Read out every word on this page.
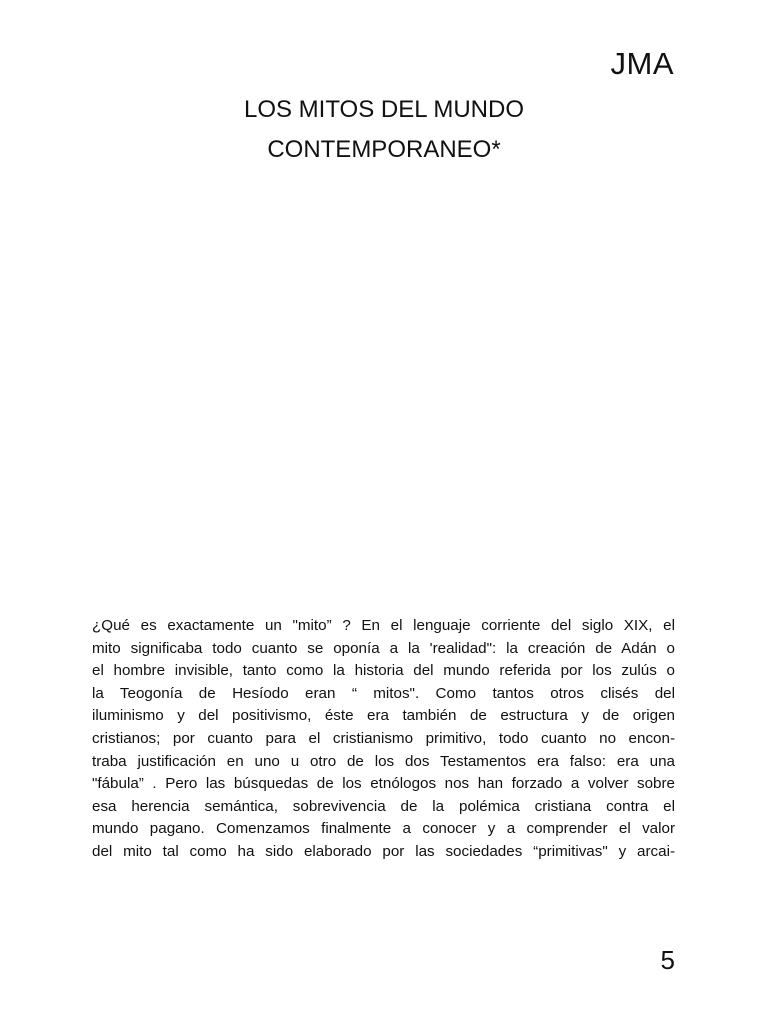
JMA
LOS MITOS DEL MUNDO
CONTEMPORANEO*
¿Qué es exactamente un "mito” ? En el lenguaje corriente del siglo XIX, el
mito significaba todo cuanto se oponía a la 'realidad": la creación de Adán o
el hombre invisible, tanto como la historia del mundo referida por los zulús o
la Teogonía de Hesíodo eran “ mitos". Como tantos otros clisés del
iluminismo y del positivismo, éste era también de estructura y de origen
cristianos; por cuanto para el cristianismo primitivo, todo cuanto no encon-
traba justificación en uno u otro de los dos Testamentos era falso: era una
"fábula” . Pero las búsquedas de los etnólogos nos han forzado a volver sobre
esa herencia semántica, sobrevivencia de la polémica cristiana contra el
mundo pagano. Comenzamos finalmente a conocer y a comprender el valor
del mito tal como ha sido elaborado por las sociedades “primitivas" y arcai-
5
